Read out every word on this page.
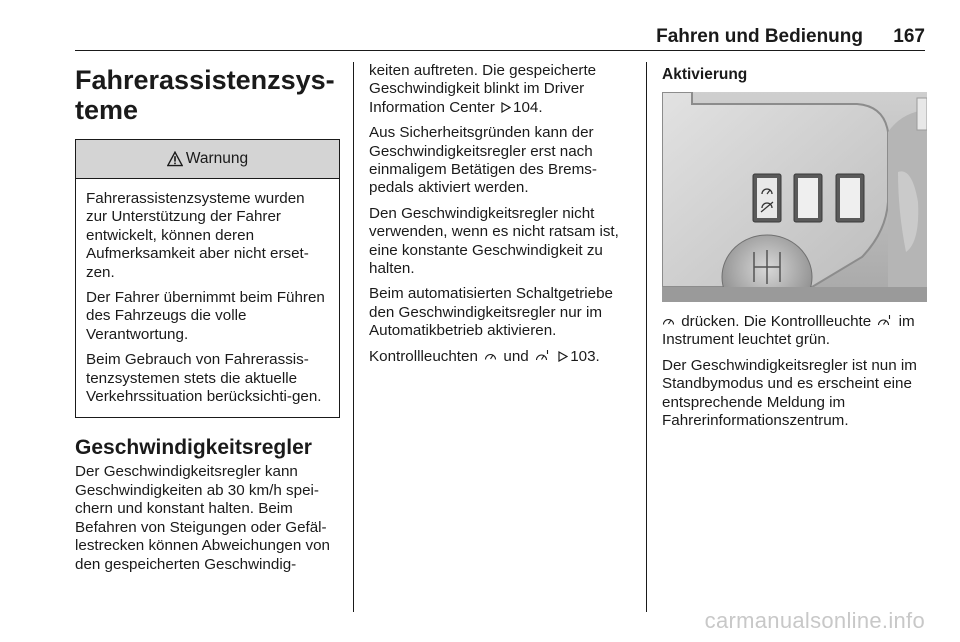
Fahren und Bedienung 167
Fahrerassistenzsys-teme
Warnung

Fahrerassistenzsysteme wurden zur Unterstützung der Fahrer entwickelt, können deren Aufmerksamkeit aber nicht erset-zen.

Der Fahrer übernimmt beim Führen des Fahrzeugs die volle Verantwortung.

Beim Gebrauch von Fahrerassis-tenzsystemen stets die aktuelle Verkehrssituation berücksichti-gen.

Geschwindigkeitsregler

Der Geschwindigkeitsregler kann Geschwindigkeiten ab 30 km/h spei-chern und konstant halten. Beim Befahren von Steigungen oder Gefäl-lestrecken können Abweichungen von den gespeicherten Geschwindig-

keiten auftreten. Die gespeicherte Geschwindigkeit blinkt im Driver Information Center 104.

Aus Sicherheitsgründen kann der Geschwindigkeitsregler erst nach einmaligem Betätigen des Brems-pedals aktiviert werden.

Den Geschwindigkeitsregler nicht verwenden, wenn es nicht ratsam ist, eine konstante Geschwindigkeit zu halten.

Beim automatisierten Schaltgetriebe den Geschwindigkeitsregler nur im Automatikbetrieb aktivieren.

Kontrollleuchten und	103.

Aktivierung

drücken. Die Kontrollleuchte im Instrument leuchtet grün.

Der Geschwindigkeitsregler ist nun im Standbymodus und es erscheint eine entsprechende Meldung im Fahrerinformationszentrum.

carmanualsonline.info
